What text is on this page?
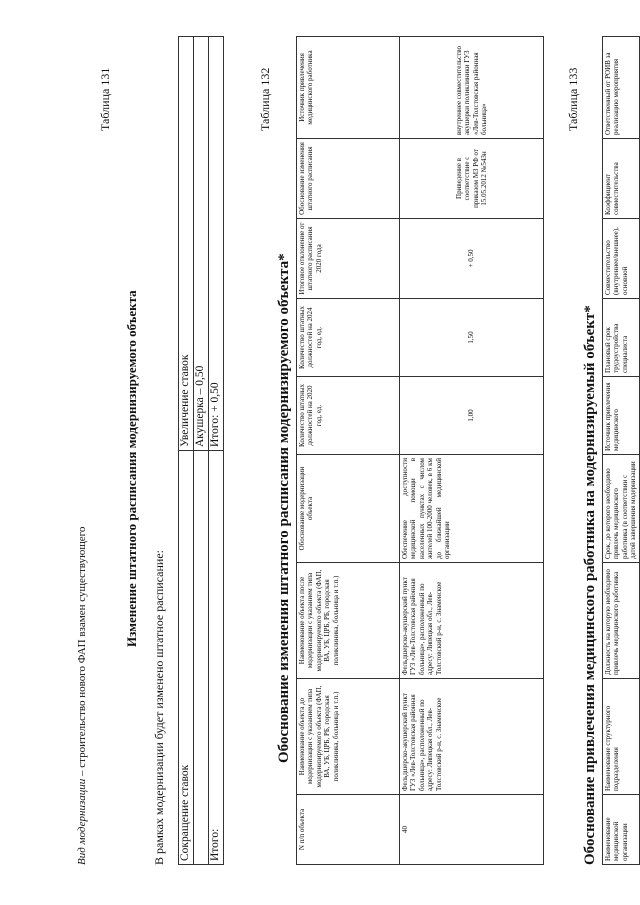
Вид модернизации – строительство нового ФАП взамен существующего
Таблица 131
Изменение штатного расписания модернизируемого объекта
В рамках модернизации будет изменено штатное расписание: Сокращение ставок	Увеличение ставок
	Акушерка – 0,50
Итого:	Итого: + 0,50
Таблица 132
Обоснование изменения штатного расписания модернизируемого объекта*
N п/п объекта	Наименование объекта до модернизации с указанием типа модернизируемого объекта (ФАП, ВА, УБ, ЦРБ, РБ, городская поликлиника, больница и т.п.)	Наименование объекта после модернизации с указанием типа модернизируемого объекта (ФАП, ВА, УБ, ЦРБ, РБ, городская поликлиника, больница и т.п.)	Обоснование модернизации объекта	Количество штатных должностей на 2020 год, ед.	Количество штатных должностей на 2024 год, ед.	Итоговое отклонение от штатного расписания 2020 года	Обоснование изменения штатного расписания	Источник привлечения медицинского работника
40	Фельдшерско-акушерский пункт ГУЗ «Лев-Толстовская районная больница», расположенный по адресу: Липецкая обл., Лев-Толстовский р-н, с. Знаменское	Фельдшерско-акушерский пункт ГУЗ «Лев-Толстовская районная больница», расположенный по адресу: Липецкая обл., Лев-Толстовский р-н, с. Знаменское	Обеспечение доступности медицинской помощи в населенных пунктах с числом жителей 100-2000 человек, в 6 км до ближайшей медицинской организации	1,00	1,50	+ 0,50	Приведение в соответствие с приказом МЗ РФ от 15.05.2012 №543н	внутреннее совместительство акушерки поликлиники ГУЗ «Лев-Толстовская районная больница»	Таблица 133
Обоснование привлечения медицинского работника на модернизируемый объект* Наименование медицинской организации	Наименование структурного подразделения	Должность на которую необходимо привлечь медицинского работника	Срок, до которого необходимо привлечь медицинского работника (в соответствии с датой завершения модернизации	Источник привлечения медицинского	Плановый срок трудоустройства специалиста	Совместительство (внутреннее/внешнее), основной	Коэффициент совместительства	Ответственный от РОИВ за реализацию мероприятия
